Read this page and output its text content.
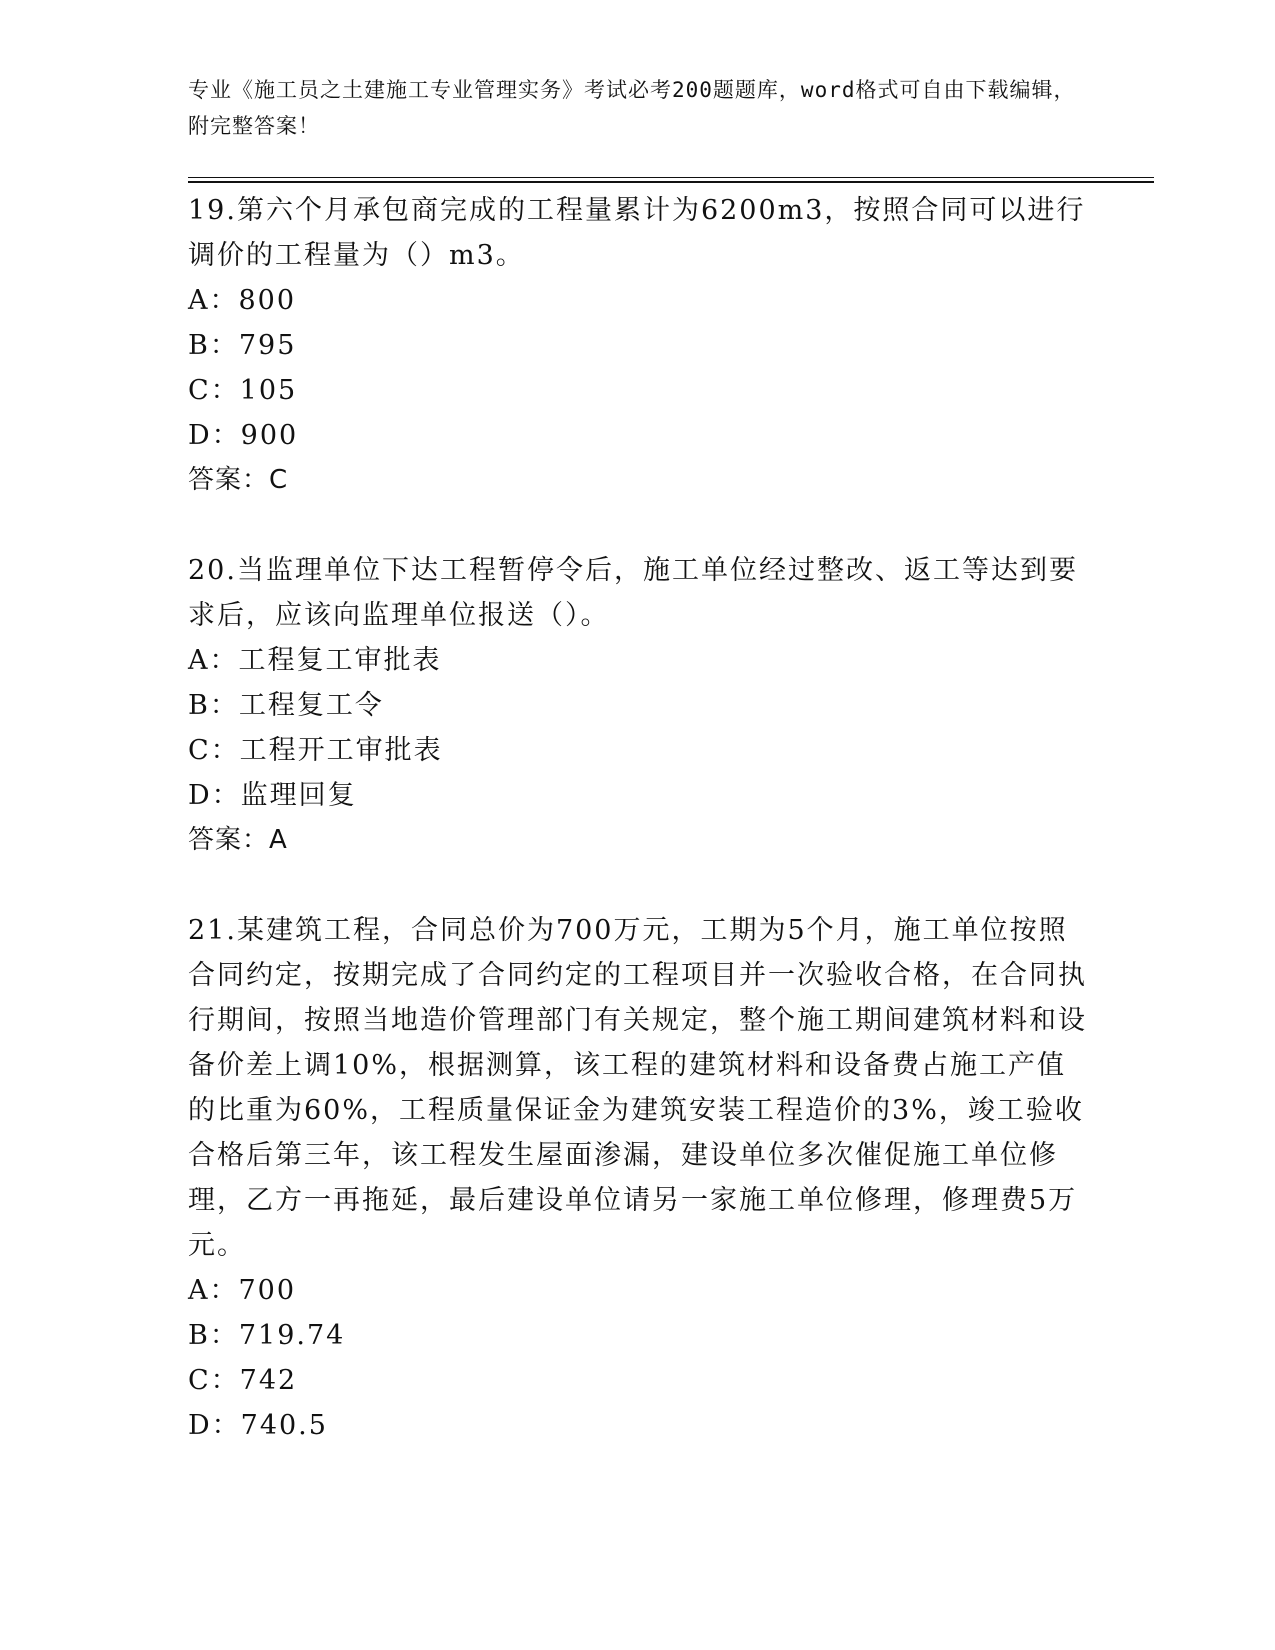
专业《施工员之土建施工专业管理实务》考试必考200题题库，word格式可自由下载编辑，附完整答案！

19.第六个月承包商完成的工程量累计为6200m3，按照合同可以进行调价的工程量为（）m3。

A：800

B：795

C：105

D：900

答案：C

20.当监理单位下达工程暂停令后，施工单位经过整改、返工等达到要求后，应该向监理单位报送（）。

A：工程复工审批表

B：工程复工令

C：工程开工审批表

D：监理回复

答案：A

21.某建筑工程，合同总价为700万元，工期为5个月，施工单位按照合同约定，按期完成了合同约定的工程项目并一次验收合格，在合同执行期间，按照当地造价管理部门有关规定，整个施工期间建筑材料和设备价差上调10%，根据测算，该工程的建筑材料和设备费占施工产值的比重为60%，工程质量保证金为建筑安装工程造价的3%，竣工验收合格后第三年，该工程发生屋面渗漏，建设单位多次催促施工单位修理，乙方一再拖延，最后建设单位请另一家施工单位修理，修理费5万元。

A：700

B：719.74

C：742

D：740.5
